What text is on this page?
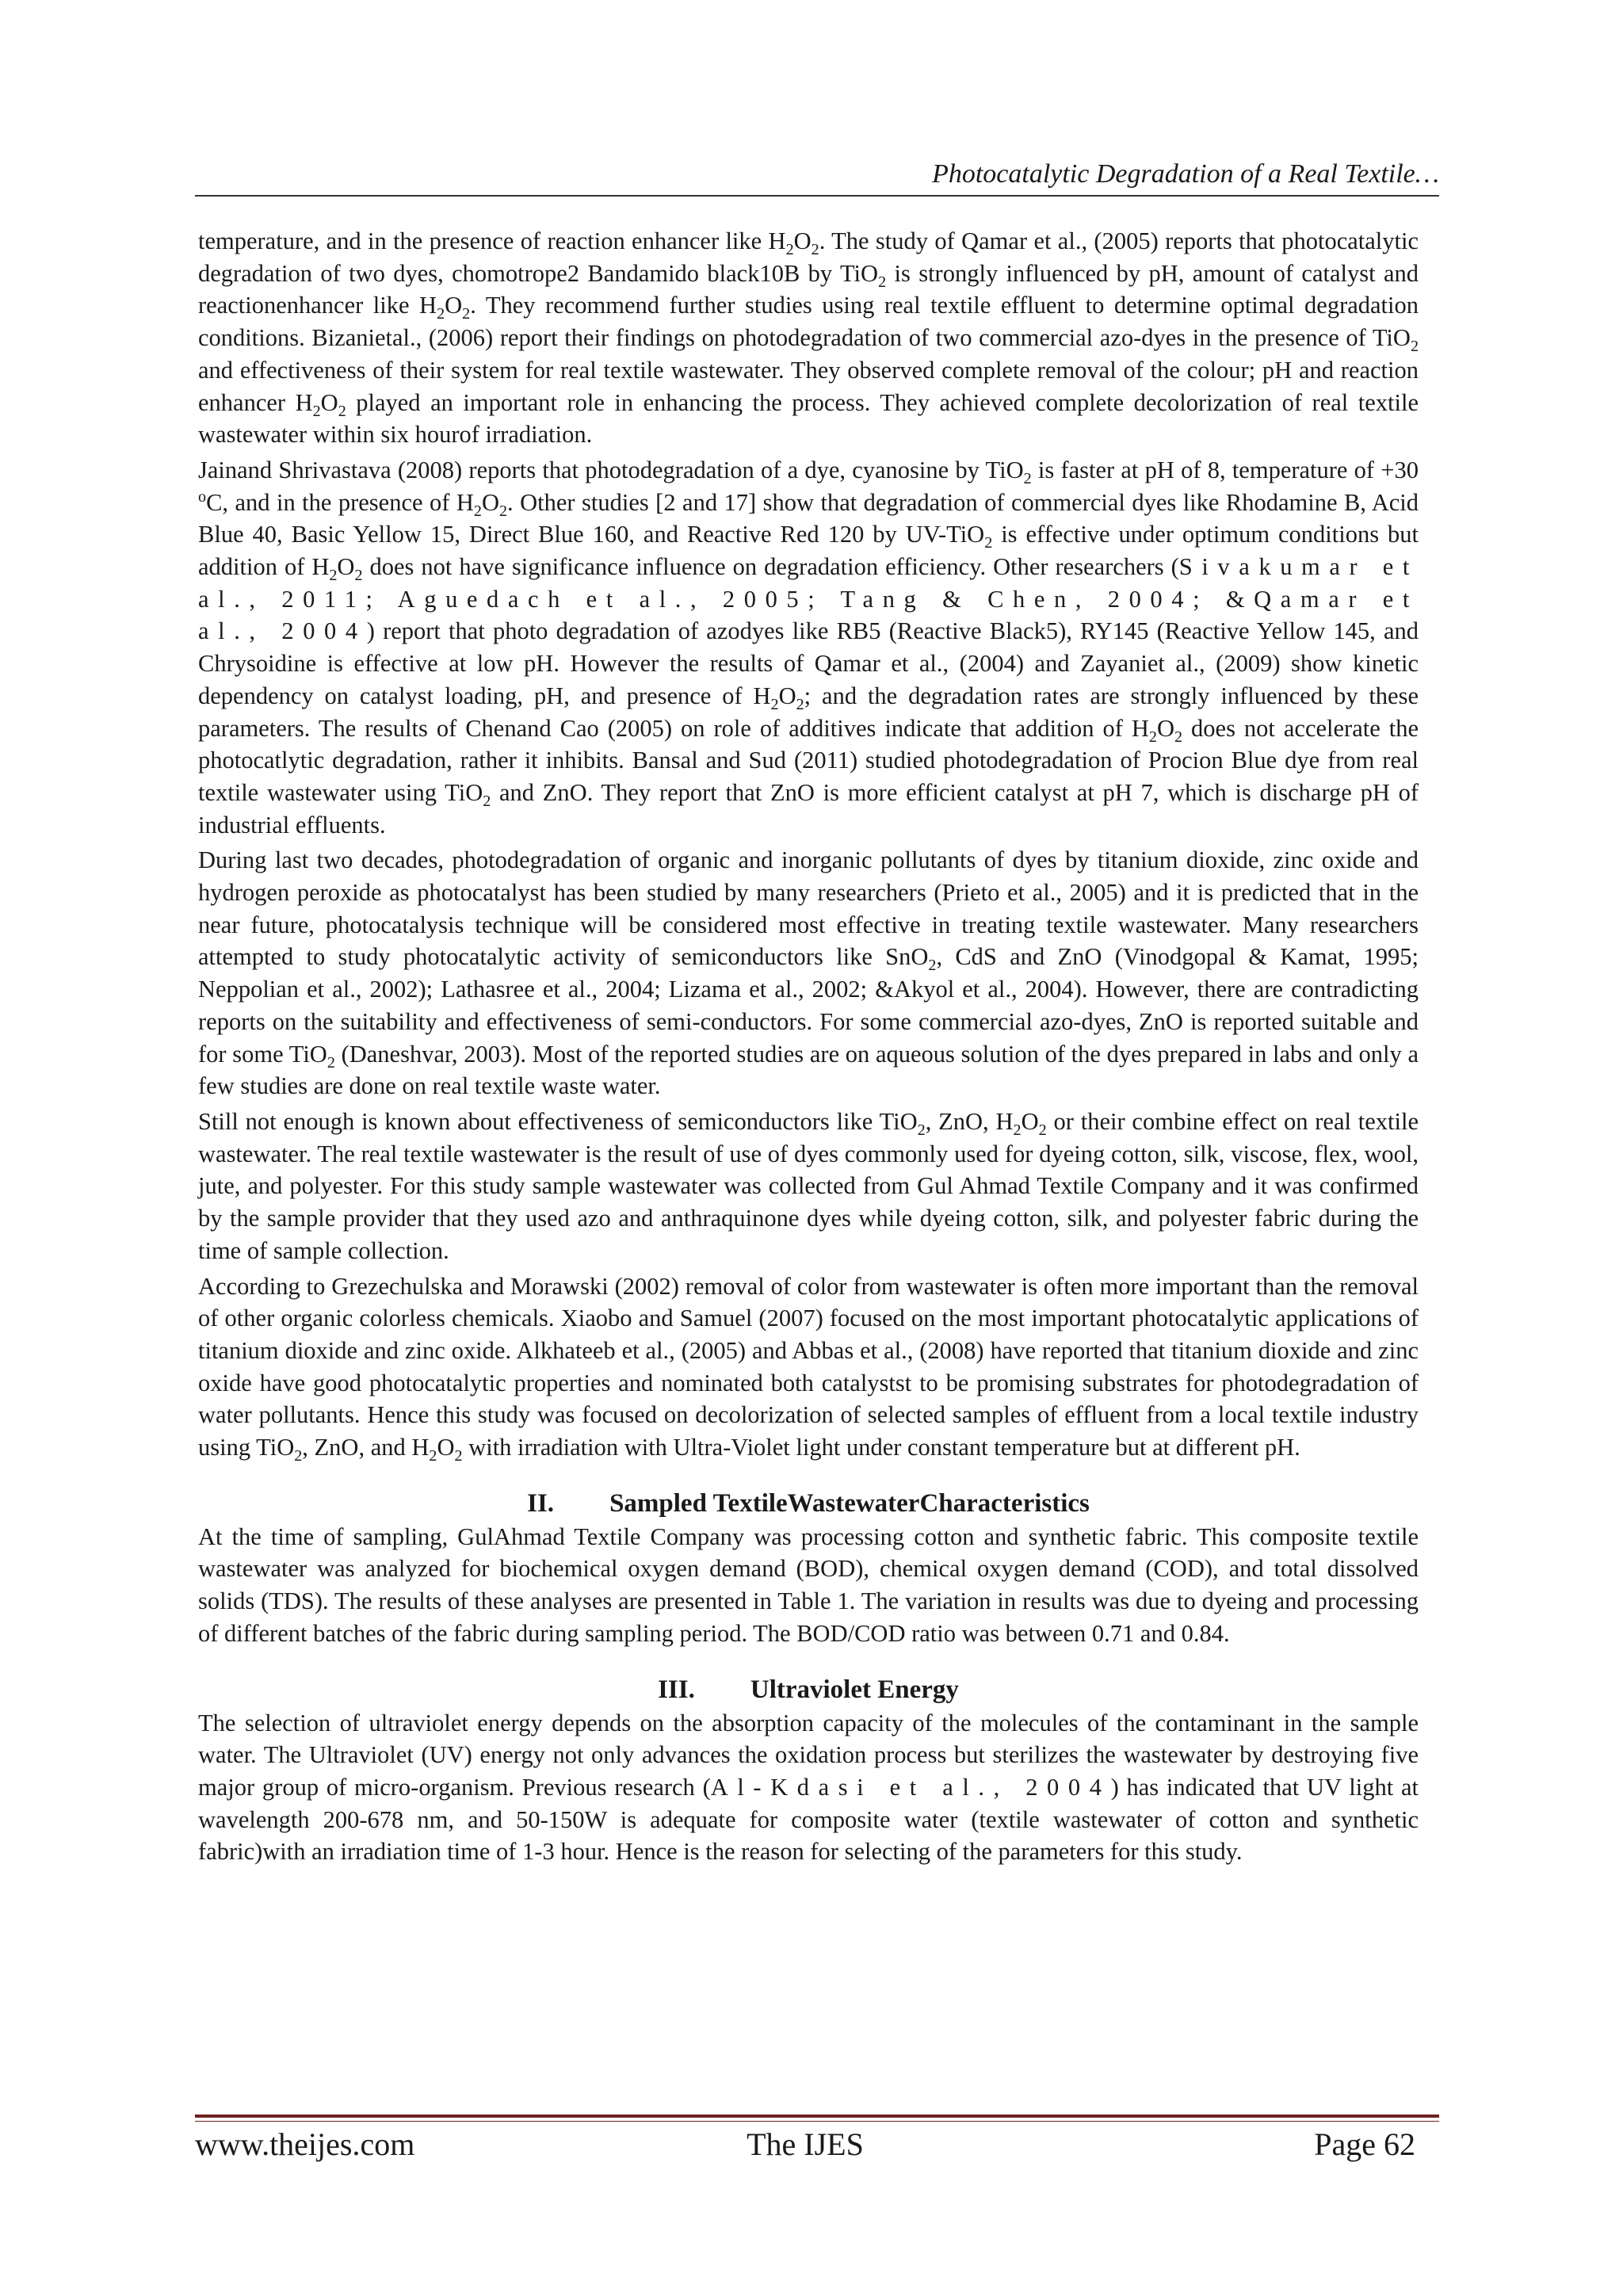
Photocatalytic Degradation of a Real Textile…

temperature, and in the presence of reaction enhancer like $H_2O_2$. The study of Qamar et al., (2005) reports that photocatalytic degradation of two dyes, chomotrope2 Bandamido black10B by TiO$_2$ is strongly influenced by pH, amount of catalyst and reactionenhancer like $H_2O_2$. They recommend further studies using real textile effluent to determine optimal degradation conditions. Bizanietal., (2006) report their findings on photodegradation of two commercial azo-dyes in the presence of TiO$_2$ and effectiveness of their system for real textile wastewater. They observed complete removal of the colour; pH and reaction enhancer $H_2O_2$ played an important role in enhancing the process. They achieved complete decolorization of real textile wastewater within six hourof irradiation.

Jainand Shrivastava (2008) reports that photodegradation of a dye, cyanosine by TiO$_2$ is faster at pH of 8, temperature of +30 $^o$C, and in the presence of $H_2O_2$. Other studies [2 and 17] show that degradation of commercial dyes like Rhodamine B, Acid Blue 40, Basic Yellow 15, Direct Blue 160, and Reactive Red 120 by UV-TiO$_2$ is effective under optimum conditions but addition of $H_2O_2$ does not have significance influence on degradation efficiency. Other researchers (Sivakumar et al., 2011; Aguedach et al., 2005; Tang & Chen, 2004; &Qamar et al., 2004) report that photo degradation of azodyes like RB5 (Reactive Black5), RY145 (Reactive Yellow 145, and Chrysoidine is effective at low pH. However the results of Qamar et al., (2004) and Zayaniet al., (2009) show kinetic dependency on catalyst loading, pH, and presence of $H_2O_2$; and the degradation rates are strongly influenced by these parameters. The results of Chenand Cao (2005) on role of additives indicate that addition of $H_2O_2$ does not accelerate the photocatlytic degradation, rather it inhibits. Bansal and Sud (2011) studied photodegradation of Procion Blue dye from real textile wastewater using TiO$_2$ and ZnO. They report that ZnO is more efficient catalyst at pH 7, which is discharge pH of industrial effluents.

During last two decades, photodegradation of organic and inorganic pollutants of dyes by titanium dioxide, zinc oxide and hydrogen peroxide as photocatalyst has been studied by many researchers (Prieto et al., 2005) and it is predicted that in the near future, photocatalysis technique will be considered most effective in treating textile wastewater. Many researchers attempted to study photocatalytic activity of semiconductors like SnO$_2$, CdS and ZnO (Vinodgopal & Kamat, 1995; Neppolian et al., 2002); Lathasree et al., 2004; Lizama et al., 2002; &Akyol et al., 2004). However, there are contradicting reports on the suitability and effectiveness of semi-conductors. For some commercial azo-dyes, ZnO is reported suitable and for some TiO$_2$ (Daneshvar, 2003). Most of the reported studies are on aqueous solution of the dyes prepared in labs and only a few studies are done on real textile waste water.

Still not enough is known about effectiveness of semiconductors like TiO$_2$, ZnO, $H_2O_2$ or their combine effect on real textile wastewater. The real textile wastewater is the result of use of dyes commonly used for dyeing cotton, silk, viscose, flex, wool, jute, and polyester. For this study sample wastewater was collected from Gul Ahmad Textile Company and it was confirmed by the sample provider that they used azo and anthraquinone dyes while dyeing cotton, silk, and polyester fabric during the time of sample collection.

According to Grezechulska and Morawski (2002) removal of color from wastewater is often more important than the removal of other organic colorless chemicals. Xiaobo and Samuel (2007) focused on the most important photocatalytic applications of titanium dioxide and zinc oxide. Alkhateeb et al., (2005) and Abbas et al., (2008) have reported that titanium dioxide and zinc oxide have good photocatalytic properties and nominated both catalystst to be promising substrates for photodegradation of water pollutants. Hence this study was focused on decolorization of selected samples of effluent from a local textile industry using TiO$_2$, ZnO, and $H_2O_2$ with irradiation with Ultra-Violet light under constant temperature but at different pH.

II. Sampled TextileWastewaterCharacteristics

At the time of sampling, GulAhmad Textile Company was processing cotton and synthetic fabric. This composite textile wastewater was analyzed for biochemical oxygen demand (BOD), chemical oxygen demand (COD), and total dissolved solids (TDS). The results of these analyses are presented in Table 1. The variation in results was due to dyeing and processing of different batches of the fabric during sampling period. The BOD/COD ratio was between 0.71 and 0.84.

III. Ultraviolet Energy

The selection of ultraviolet energy depends on the absorption capacity of the molecules of the contaminant in the sample water. The Ultraviolet (UV) energy not only advances the oxidation process but sterilizes the wastewater by destroying five major group of micro-organism. Previous research (Al-Kdasi et al., 2004) has indicated that UV light at wavelength 200-678 nm, and 50-150W is adequate for composite water (textile wastewater of cotton and synthetic fabric)with an irradiation time of 1-3 hour. Hence is the reason for selecting of the parameters for this study.

www.theijes.com	The IJES	Page 62
